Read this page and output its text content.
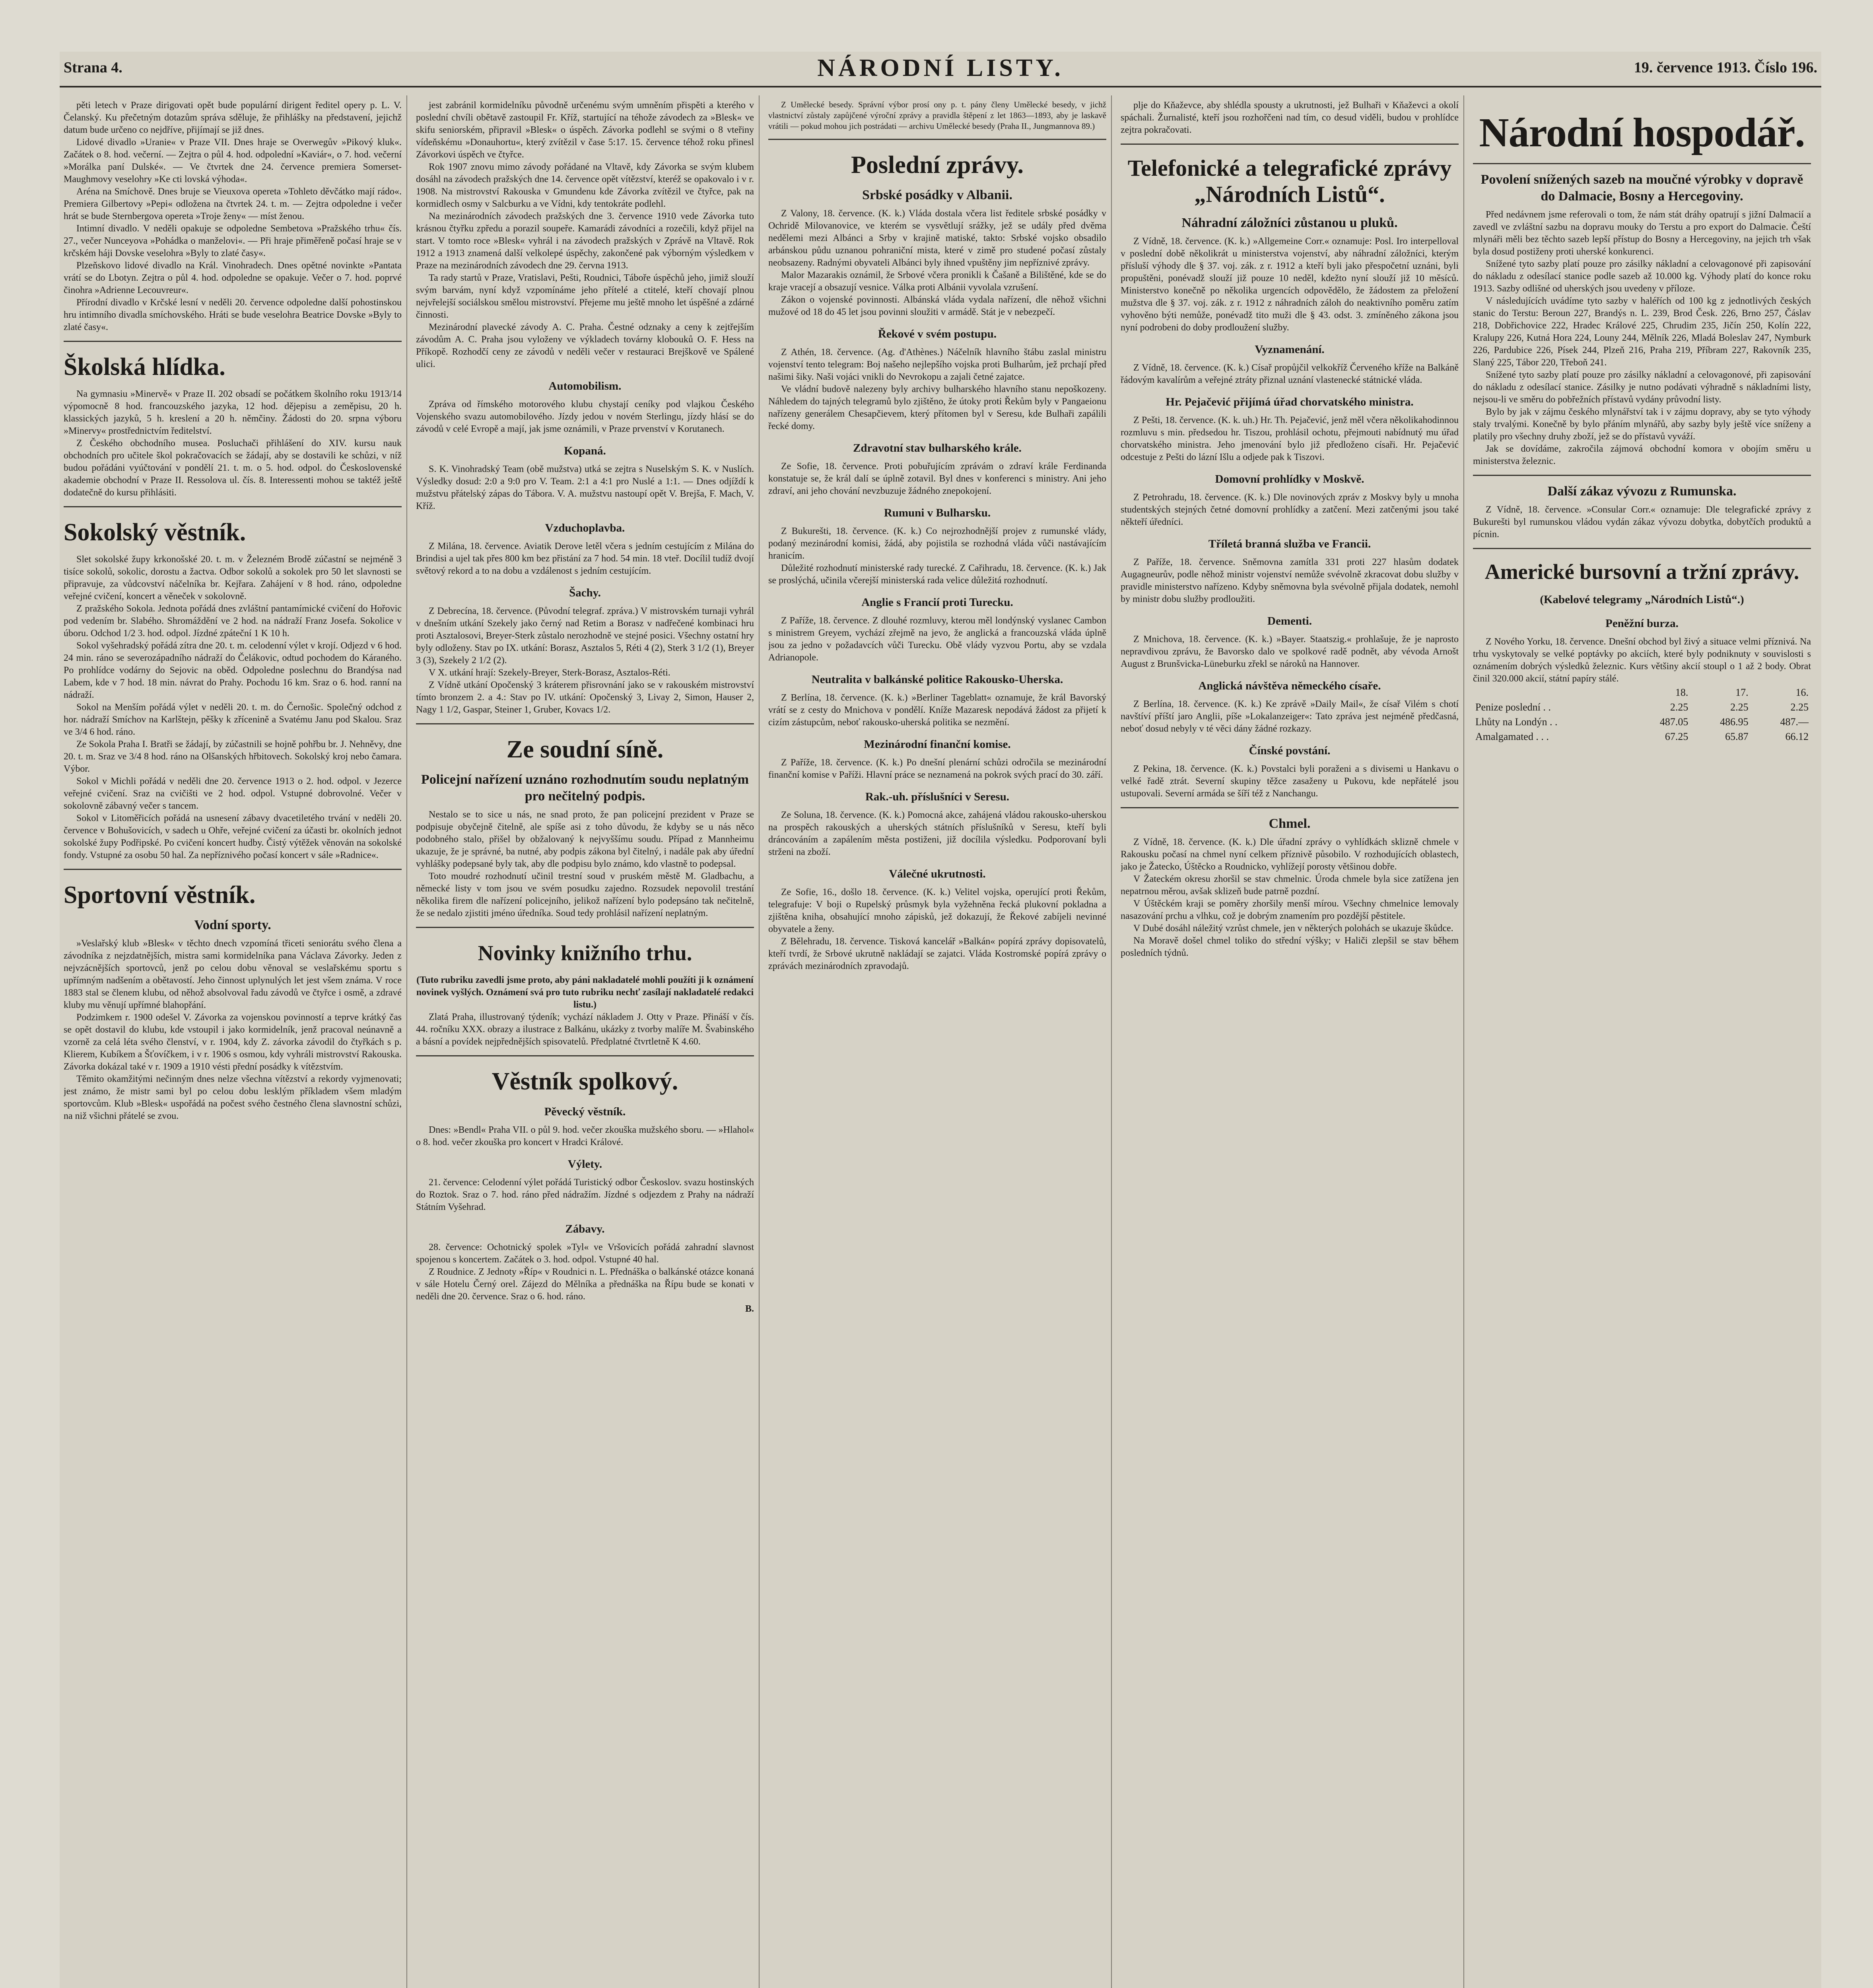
Strana 4.	NÁRODNÍ LISTY.	19. července 1913. Číslo 196.

pěti letech v Praze dirigovati opět bude populární dirigent ředitel opery p. L. V. Čelanský. Ku přečetným dotazům správa sděluje, že přihlášky na představení, jejichž datum bude určeno co nejdříve, přijímají se již dnes.

Lidové divadlo »Uranie« v Praze VII. Dnes hraje se Overwegův »Pikový kluk«. Začátek o 8. hod. večerní. — Zejtra o půl 4. hod. odpolední »Kaviár«, o 7. hod. večerní »Morálka paní Dulské«. — Ve čtvrtek dne 24. července premiera Somerset-Maughmovy veselohry »Ke cti lovská výhoda«.

Aréna na Smíchově. Dnes bruje se Vieuxova opereta »Tohleto děvčátko mají rádo«. Premiera Gilbertovy »Pepi« odložena na čtvrtek 24. t. m. — Zejtra odpoledne i večer hrát se bude Sternbergova opereta »Troje ženy« — míst ženou.

Intimní divadlo. V neděli opakuje se odpoledne Sembetova »Pražského trhu« čís. 27., večer Nunceyova »Pohádka o manželovi«. — Při hraje přiměřeně počasí hraje se v krčském háji Dovske veselohra »Byly to zlaté časy«.

Plzeňskovo lidové divadlo na Král. Vinohradech. Dnes opětné novinkte »Pantata vrátí se do Lbotyn. Zejtra o půl 4. hod. odpoledne se opakuje. Večer o 7. hod. poprvé činohra »Adrienne Lecouvreur«.

Přírodní divadlo v Krčské lesní v neděli 20. července odpoledne další pohostinskou hru intimního divadla smíchovského. Hráti se bude veselohra Beatrice Dovske »Byly to zlaté časy«.

Školská hlídka.

Na gymnasiu »Minervě« v Praze II. 202 obsadí se počátkem školního roku 1913/14 výpomocně 8 hod. francouzského jazyka, 12 hod. dějepisu a zeměpisu, 20 h. klassických jazyků, 5 h. kreslení a 20 h. němčiny. Žádosti do 20. srpna výboru »Minervy« prostřednictvím ředitelství.

Z Českého obchodního musea. Posluchači přihlášení do XIV. kursu nauk obchodních pro učitele škol pokračovacích se žádají, aby se dostavili ke schůzi, v níž budou pořádáni vyúčtování v pondělí 21. t. m. o 5. hod. odpol. do Československé akademie obchodní v Praze II. Ressolova ul. čís. 8. Interessenti mohou se taktéž ještě dodatečně do kursu přihlásiti.

Sokolský věstník.

Slet sokolské župy krkonošské 20. t. m. v Železném Brodě zúčastní se nejméně 3 tisíce sokolů, sokolic, dorostu a žactva. Odbor sokolů a sokolek pro 50 let slavnosti se připravuje, za vůdcovství náčelníka br. Kejřara. Zahájení v 8 hod. ráno, odpoledne veřejné cvičení, koncert a věneček v sokolovně.

Z pražského Sokola. Jednota pořádá dnes zvláštní pantamímické cvičení do Hořovic pod vedením br. Slabého. Shromáždění ve 2 hod. na nádraží Franz Josefa. Sokolice v úboru. Odchod 1/2 3. hod. odpol. Jízdné zpáteční 1 K 10 h.

Sokol vyšehradský pořádá zítra dne 20. t. m. celodenní výlet v krojí. Odjezd v 6 hod. 24 min. ráno se severozápadního nádraží do Čelákovic, odtud pochodem do Káraného. Po prohlídce vodárny do Sejovic na oběd. Odpoledne poslechnu do Brandýsa nad Labem, kde v 7 hod. 18 min. návrat do Prahy. Pochodu 16 km. Sraz o 6. hod. ranní na nádraží.

Sokol na Menším pořádá výlet v neděli 20. t. m. do Černošic. Společný odchod z hor. nádraží Smíchov na Karlštejn, pěšky k zřícenině a Svatému Janu pod Skalou. Sraz ve 3/4 6 hod. ráno.

Ze Sokola Praha I. Bratři se žádají, by zúčastnili se hojně pohřbu br. J. Nehněvy, dne 20. t. m. Sraz ve 3/4 8 hod. ráno na Olšanských hřbitovech. Sokolský kroj nebo čamara. Výbor.

Sokol v Michli pořádá v neděli dne 20. července 1913 o 2. hod. odpol. v Jezerce veřejné cvičení. Sraz na cvičišti ve 2 hod. odpol. Vstupné dobrovolné. Večer v sokolovně zábavný večer s tancem.

Sokol v Litoměřicích pořádá na usnesení zábavy dvacetiletého trvání v neděli 20. července v Bohušovicích, v sadech u Ohře, veřejné cvičení za účasti br. okolních jednot sokolské župy Podřipské. Po cvičení koncert hudby. Čistý výtěžek věnován na sokolské fondy. Vstupné za osobu 50 hal. Za nepříznivého počasí koncert v sále »Radnice«.

Sportovní věstník.
Vodní sporty.

»Veslařský klub »Blesk« v těchto dnech vzpomíná třiceti seniorátu svého člena a závodníka z nejzdatnějších, mistra sami kormidelníka pana Václava Závorky. Jeden z nejvzácnějších sportovců, jenž po celou dobu věnoval se veslařskému sportu s upřímným nadšením a obětavostí. Jeho činnost uplynulých let jest všem známa. V roce 1883 stal se členem klubu, od něhož absolvoval řadu závodů ve čtyřce i osmě, a zdravé kluby mu věnují upřímné blahopřání.

Podzimkem r. 1900 odešel V. Závorka za vojenskou povinností a teprve krátký čas se opět dostavil do klubu, kde vstoupil i jako kormidelník, jenž pracoval neúnavně a vzorně za celá léta svého členství, v r. 1904, kdy Z. závorka závodil do čtyřkách s p. Klierem, Kubíkem a Šťovíčkem, i v r. 1906 s osmou, kdy vyhráli mistrovství Rakouska. Závorka dokázal také v r. 1909 a 1910 vésti přední posádky k vítězstvím.

Těmito okamžitými nečinným dnes nelze všechna vítězství a rekordy vyjmenovati; jest známo, že mistr sami byl po celou dobu lesklým příkladem všem mladým sportovcům. Klub »Blesk« uspořádá na počest svého čestného člena slavnostní schůzi, na niž všichni přátelé se zvou.

jest zabránil kormidelníku původně určenému svým umněním přispěti a kterého v poslední chvíli obětavě zastoupil Fr. Kříž, startující na téhože závodech za »Blesk« ve skifu seniorském, připravil »Blesk« o úspěch. Závorka podlehl se svými o 8 vteřiny vídeňskému »Donauhortu«, který zvítězil v čase 5:17. 15. července téhož roku přinesl Závorkovi úspěch ve čtyřce.

Rok 1907 znovu mimo závody pořádané na Vltavě, kdy Závorka se svým klubem dosáhl na závodech pražských dne 14. července opět vítězství, kteréž se opakovalo i v r. 1908. Na mistrovství Rakouska v Gmundenu kde Závorka zvítězil ve čtyřce, pak na kormidlech osmy v Salcburku a ve Vídni, kdy tentokráte podlehl.

Na mezinárodních závodech pražských dne 3. července 1910 vede Závorka tuto krásnou čtyřku zpředu a porazil soupeře. Kamarádi závodníci a rozečili, když přijel na start. V tomto roce »Blesk« vyhrál i na závodech pražských v Zprávě na Vltavě. Rok 1912 a 1913 znamená další velkolepé úspěchy, zakončené pak výborným výsledkem v Praze na mezinárodních závodech dne 29. června 1913.

Ta rady startů v Praze, Vratislavi, Pešti, Roudnici, Táboře úspěchů jeho, jimiž slouží svým barvám, nyní když vzpomínáme jeho přítelé a ctitelé, kteří chovají plnou nejvřelejší sociálskou smělou mistrovství. Přejeme mu ještě mnoho let úspěšné a zdárné činnosti.

Mezinárodní plavecké závody A. C. Praha. Čestné odznaky a ceny k zejtřejším závodům A. C. Praha jsou vyloženy ve výkladech továrny klobouků O. F. Hess na Příkopě. Rozhodčí ceny ze závodů v neděli večer v restauraci Brejškově ve Spálené ulici.

Automobilism.

Zpráva od římského motorového klubu chystají ceníky pod vlajkou Českého Vojenského svazu automobilového. Jízdy jedou v novém Sterlingu, jízdy hlásí se do závodů v celé Evropě a mají, jak jsme oznámili, v Praze prvenství v Korutanech.

Kopaná.

S. K. Vinohradský Team (obě mužstva) utká se zejtra s Nuselským S. K. v Nuslích. Výsledky dosud: 2:0 a 9:0 pro V. Team. 2:1 a 4:1 pro Nuslé a 1:1. — Dnes odjíždí k mužstvu přátelský zápas do Tábora. V. A. mužstvu nastoupí opět V. Brejša, F. Mach, V. Kříž.

Vzduchoplavba.

Z Milána, 18. července. Aviatik Derove letěl včera s jedním cestujícím z Milána do Brindisi a ujel tak přes 800 km bez přistání za 7 hod. 54 min. 18 vteř. Docílil tudíž dvojí světový rekord a to na dobu a vzdálenost s jedním cestujícím.

Šachy.

Z Debrecína, 18. července. (Původní telegraf. zpráva.) V mistrovském turnaji vyhrál v dnešním utkání Szekely jako černý nad Retim a Borasz v nadřečené kombinaci hru proti Asztalosovi, Breyer-Sterk zůstalo nerozhodně ve stejné posici. Všechny ostatní hry byly odloženy. Stav po IX. utkání: Borasz, Asztalos 5, Réti 4 (2), Sterk 3 1/2 (1), Breyer 3 (3), Szekely 2 1/2 (2).

V X. utkání hrají: Szekely-Breyer, Sterk-Borasz, Asztalos-Réti.

Z Vídně utkání Opočenský 3 kráterem přisrovnání jako se v rakouském mistrovství tímto bronzem 2. a 4.: Stav po IV. utkání: Opočenský 3, Livay 2, Simon, Hauser 2, Nagy 1 1/2, Gaspar, Steiner 1, Gruber, Kovacs 1/2.

Ze soudní síně.
Policejní nařízení uznáno rozhodnutím soudu neplatným pro nečitelný podpis.

Nestalo se to sice u nás, ne snad proto, že pan policejní prezident v Praze se podpisuje obyčejně čitelně, ale spíše asi z toho důvodu, že kdyby se u nás něco podobného stalo, přišel by obžalovaný k nejvyššímu soudu. Případ z Mannheimu ukazuje, že je správné, ba nutné, aby podpis zákona byl čitelný, i nadále pak aby úřední vyhlášky podepsané byly tak, aby dle podpisu bylo známo, kdo vlastně to podepsal.

Toto moudré rozhodnutí učinil trestní soud v pruském městě M. Gladbachu, a německé listy v tom jsou ve svém posudku zajedno. Rozsudek nepovolil trestání několika firem dle nařízení policejního, jelikož nařízení bylo podepsáno tak nečitelně, že se nedalo zjistiti jméno úředníka. Soud tedy prohlásil nařízení neplatným.

Novinky knižního trhu.

(Tuto rubriku zavedli jsme proto, aby páni nakladatelé mohli použíti ji k oznámení novinek vyšlých. Oznámení svá pro tuto rubriku nechť zasílají nakladatelé redakci listu.)

Zlatá Praha, illustrovaný týdeník; vychází nákladem J. Otty v Praze. Přináší v čís. 44. ročníku XXX. obrazy a ilustrace z Balkánu, ukázky z tvorby malíře M. Švabinského a básní a povídek nejpřednějších spisovatelů. Předplatné čtvrtletně K 4.60.

Věstník spolkový.
Pěvecký věstník.

Dnes: »Bendl« Praha VII. o půl 9. hod. večer zkouška mužského sboru. — »Hlahol« o 8. hod. večer zkouška pro koncert v Hradci Králové.

Výlety.

21. července: Celodenní výlet pořádá Turistický odbor Českoslov. svazu hostinských do Roztok. Sraz o 7. hod. ráno před nádražím. Jízdné s odjezdem z Prahy na nádraží Státním Vyšehrad.

Zábavy.

28. července: Ochotnický spolek »Tyl« ve Vršovicích pořádá zahradní slavnost spojenou s koncertem. Začátek o 3. hod. odpol. Vstupné 40 hal.

Z Roudnice. Z Jednoty »Říp« v Roudnici n. L. Přednáška o balkánské otázce konaná v sále Hotelu Černý orel. Zájezd do Mělníka a přednáška na Řípu bude se konati v neděli dne 20. července. Sraz o 6. hod. ráno.

B.

Z Umělecké besedy. Správní výbor prosí ony p. t. pány členy Umělecké besedy, v jichž vlastnictví zůstaly zapůjčené výroční zprávy a pravidla štěpení z let 1863—1893, aby je laskavě vrátili — pokud mohou jich postrádati — archivu Umělecké besedy (Praha II., Jungmannova 89.)

Poslední zprávy.
Srbské posádky v Albanii.

Z Valony, 18. července. (K. k.) Vláda dostala včera list ředitele srbské posádky v Ochridě Milovanovice, ve kterém se vysvětlují srážky, jež se udály před dvěma nedělemi mezi Albánci a Srby v krajině matiské, takto: Srbské vojsko obsadilo arbánskou půdu uznanou pohraniční mista, které v zimě pro studené počasí zůstaly neobsazeny. Radnými obyvateli Albánci byly ihned vpuštěny jim nepříznivé zprávy.

Malor Mazarakis oznámil, že Srbové včera pronikli k Čašaně a Bilištěné, kde se do kraje vracejí a obsazují vesnice. Válka proti Albánii vyvolala vzrušení.

Zákon o vojenské povinnosti. Albánská vláda vydala nařízení, dle něhož všichni mužové od 18 do 45 let jsou povinni sloužiti v armádě. Stát je v nebezpečí.

Řekové v svém postupu.

Z Athén, 18. července. (Ag. d'Athènes.) Náčelník hlavního štábu zaslal ministru vojenství tento telegram: Boj našeho nejlepšího vojska proti Bulharům, jež prchají před našimi šiky. Naši vojáci vnikli do Nevrokopu a zajali četné zajatce.

Ve vládní budově nalezeny byly archivy bulharského hlavního stanu nepoškozeny. Náhledem do tajných telegramů bylo zjištěno, že útoky proti Řekům byly v Pangaeionu nařízeny generálem Chesapčievem, který přítomen byl v Seresu, kde Bulhaři zapálili řecké domy.

Zdravotní stav bulharského krále.

Ze Sofie, 18. července. Proti pobuřujícím zprávám o zdraví krále Ferdinanda konstatuje se, že král dalí se úplně zotavil. Byl dnes v konferenci s ministry. Ani jeho zdraví, ani jeho chování nevzbuzuje žádného znepokojení.

Rumuni v Bulharsku.

Z Bukurešti, 18. července. (K. k.) Co nejrozhodnější projev z rumunské vlády, podaný mezinárodní komisi, žádá, aby pojistila se rozhodná vláda vůči nastávajícím hranicím.

Důležité rozhodnutí ministerské rady turecké. Z Cařihradu, 18. července. (K. k.) Jak se proslýchá, učinila včerejší ministerská rada velice důležitá rozhodnutí.

Anglie s Francií proti Turecku.

Z Paříže, 18. července. Z dlouhé rozmluvy, kterou měl londýnský vyslanec Cambon s ministrem Greyem, vychází zřejmě na jevo, že anglická a francouzská vláda úplně jsou za jedno v požadavcích vůči Turecku. Obě vlády vyzvou Portu, aby se vzdala Adrianopole.

Neutralita v balkánské politice Rakousko-Uherska.

Z Berlína, 18. července. (K. k.) »Berliner Tageblatt« oznamuje, že král Bavorský vrátí se z cesty do Mnichova v pondělí. Kníže Mazaresk nepodává žádost za přijetí k cizím zástupcům, neboť rakousko-uherská politika se nezmění.

Mezinárodní finanční komise.

Z Paříže, 18. července. (K. k.) Po dnešní plenární schůzi odročila se mezinárodní finanční komise v Paříži. Hlavní práce se neznamená na pokrok svých prací do 30. září.

Rak.-uh. příslušníci v Seresu.

Ze Soluna, 18. července. (K. k.) Pomocná akce, zahájená vládou rakousko-uherskou na prospěch rakouských a uherských státních příslušníků v Seresu, kteří byli dráncováním a zapálením města postiženi, již docílila výsledku. Podporovaní byli strženi na zboží.

Válečné ukrutnosti.

Ze Sofie, 16., došlo 18. července. (K. k.) Velitel vojska, operující proti Řekům, telegrafuje: V boji o Rupelský průsmyk byla vyžehněna řecká plukovní pokladna a zjištěna kniha, obsahující mnoho zápisků, jež dokazují, že Řekové zabíjeli nevinné obyvatele a ženy.

Z Bělehradu, 18. července. Tisková kancelář »Balkán« popírá zprávy dopisovatelů, kteří tvrdí, že Srbové ukrutně nakládají se zajatci. Vláda Kostromské popírá zprávy o zprávách mezinárodních zpravodajů.

plje do Kňaževce, aby shlédla spousty a ukrutnosti, jež Bulhaři v Kňaževci a okolí spáchali. Žurnalisté, kteří jsou rozhořčeni nad tím, co desud viděli, budou v prohlídce zejtra pokračovati.

Telefonické a telegrafické zprávy „Národních Listů“.
Náhradní záložníci zůstanou u pluků.

Z Vídně, 18. července. (K. k.) »Allgemeine Corr.« oznamuje: Posl. Iro interpelloval v poslední době několikrát u ministerstva vojenství, aby náhradní záložníci, kterým přísluší výhody dle § 37. voj. zák. z r. 1912 a kteří byli jako přespočetní uznáni, byli propuštěni, ponévadž slouží již pouze 10 neděl, kdežto nyní slouží již 10 měsíců. Ministerstvo konečně po několika urgencích odpovědělo, že žádostem za přeložení mužstva dle § 37. voj. zák. z r. 1912 z náhradních záloh do neaktivního poměru zatím vyhověno býti nemůže, ponévadž tito muži dle § 43. odst. 3. zmíněného zákona jsou nyní podrobeni do doby prodloužení služby.

Vyznamenání.

Z Vídně, 18. července. (K. k.) Císař propůjčil velkokříž Červeného kříže na Balkáně řádovým kavalírům a veřejné ztráty přiznal uznání vlastenecké státnické vláda.

Hr. Pejačević přijímá úřad chorvatského ministra.

Z Pešti, 18. července. (K. k. uh.) Hr. Th. Pejačević, jenž měl včera několikahodinnou rozmluvu s min. předsedou hr. Tiszou, prohlásil ochotu, přejmouti nabídnutý mu úřad chorvatského ministra. Jeho jmenování bylo již předloženo císaři. Hr. Pejačević odcestuje z Pešti do lázní Išlu a odjede pak k Tiszovi.

Domovní prohlídky v Moskvě.

Z Petrohradu, 18. července. (K. k.) Dle novinových zpráv z Moskvy byly u mnoha studentských stejných četné domovní prohlídky a zatčení. Mezi zatčenými jsou také někteří úředníci.

Tříletá branná služba ve Francii.

Z Paříže, 18. července. Sněmovna zamítla 331 proti 227 hlasům dodatek Augagneurův, podle něhož ministr vojenství nemůže svévolně zkracovat dobu služby v pravidle ministerstvo nařízeno. Kdyby sněmovna byla svévolně přijala dodatek, nemohl by ministr dobu služby prodloužiti.

Dementi.

Z Mnichova, 18. července. (K. k.) »Bayer. Staatszig.« prohlašuje, že je naprosto nepravdivou zprávu, že Bavorsko dalo ve spolkové radě podnět, aby vévoda Arnošt August z Brunšvicka-Lüneburku zřekl se nároků na Hannover.

Anglická návštěva německého císaře.

Z Berlína, 18. července. (K. k.) Ke zprávě »Daily Mail«, že císař Vilém s chotí navštíví příští jaro Anglii, píše »Lokalanzeiger«: Tato zpráva jest nejméně předčasná, neboť dosud nebyly v té věci dány žádné rozkazy.

Čínské povstání.

Z Pekina, 18. července. (K. k.) Povstalci byli poraženi a s divisemi u Hankavu o velké řadě ztrát. Severní skupiny těžce zasaženy u Pukovu, kde nepřátelé jsou ustupovali. Severní armáda se šíří též z Nanchangu.

Chmel.

Z Vídně, 18. července. (K. k.) Dle úřadní zprávy o vyhlídkách sklizně chmele v Rakousku počasí na chmel nyní celkem příznivě působilo. V rozhodujících oblastech, jako je Žatecko, Úštěcko a Roudnicko, vyhlížejí porosty většinou dobře.

V Žateckém okresu zhoršil se stav chmelnic. Úroda chmele byla sice zatížena jen nepatrnou měrou, avšak sklizeň bude patrně pozdní.

V Úštěckém kraji se poměry zhoršily menší mírou. Všechny chmelnice lemovaly nasazování prchu a vlhku, což je dobrým znamením pro pozdější pěstitele.

V Dubé dosáhl náležitý vzrůst chmele, jen v některých polohách se ukazuje škůdce.

Na Moravě došel chmel toliko do střední výšky; v Haliči zlepšil se stav během posledních týdnů.

Národní hospodář.
Povolení snížených sazeb na moučné výrobky v dopravě do Dalmacie, Bosny a Hercegoviny.

Před nedávnem jsme referovali o tom, že nám stát dráhy opatrují s jižní Dalmacií a zavedl ve zvláštní sazbu na dopravu mouky do Terstu a pro export do Dalmacie. Čeští mlynáři měli bez těchto sazeb lepší přístup do Bosny a Hercegoviny, na jejich trh však byla dosud postiženy proti uherské konkurenci.

Snížené tyto sazby platí pouze pro zásilky nákladní a celovagonové při zapisování do nákladu z odesílací stanice podle sazeb až 10.000 kg. Výhody platí do konce roku 1913. Sazby odlišné od uherských jsou uvedeny v příloze.

V následujících uvádíme tyto sazby v haléřích od 100 kg z jednotlivých českých stanic do Terstu: Beroun 227, Brandýs n. L. 239, Brod Česk. 226, Brno 257, Čáslav 218, Dobřichovice 222, Hradec Králové 225, Chrudim 235, Jičín 250, Kolín 222, Kralupy 226, Kutná Hora 224, Louny 244, Mělník 226, Mladá Boleslav 247, Nymburk 226, Pardubice 226, Písek 244, Plzeň 216, Praha 219, Příbram 227, Rakovník 235, Slaný 225, Tábor 220, Třeboň 241.

Snížené tyto sazby platí pouze pro zásilky nákladní a celovagonové, při zapisování do nákladu z odesílací stanice. Zásilky je nutno podávati výhradně s nákladními listy, nejsou-li ve směru do pobřežních přístavů vydány průvodní listy.

Bylo by jak v zájmu českého mlynářství tak i v zájmu dopravy, aby se tyto výhody staly trvalými. Konečně by bylo přáním mlynářů, aby sazby byly ještě více sníženy a platily pro všechny druhy zboží, jež se do přístavů vyváží.

Jak se dovídáme, zakročila zájmová obchodní komora v obojím směru u ministerstva železnic.

Další zákaz vývozu z Rumunska.

Z Vídně, 18. července. »Consular Corr.« oznamuje: Dle telegrafické zprávy z Bukurešti byl rumunskou vládou vydán zákaz vývozu dobytka, dobytčích produktů a pícnin.

Americké bursovní a tržní zprávy.
(Kabelové telegramy „Národních Listů“.)
Peněžní burza.

Z Nového Yorku, 18. července. Dnešní obchod byl živý a situace velmi příznivá. Na trhu vyskytovaly se velké poptávky po akciích, které byly podniknuty v souvislosti s oznámením dobrých výsledků železnic. Kurs většiny akcií stoupl o 1 až 2 body. Obrat činil 320.000 akcií, státní papíry stálé.

	18.	17.	16.
Penize poslední . .	2.25	2.25	2.25
Lhůty na Londýn . .	487.05	486.95	487.—
Amalgamated . . .	67.25	65.87	66.12
